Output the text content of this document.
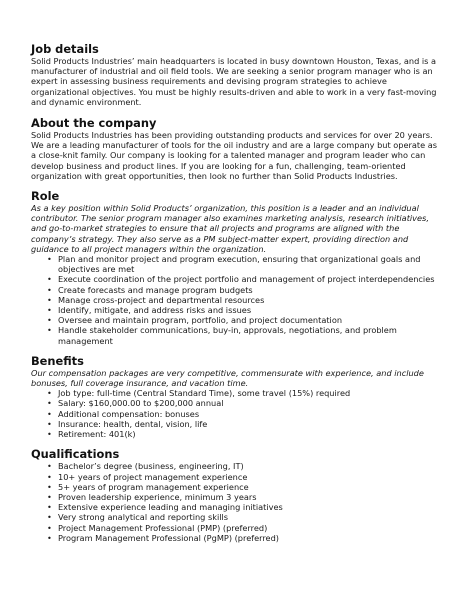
Job details

Solid Products Industries’ main headquarters is located in busy downtown Houston, Texas, and is a manufacturer of industrial and oil field tools. We are seeking a senior program manager who is an expert in assessing business requirements and devising program strategies to achieve organizational objectives. You must be highly results-driven and able to work in a very fast-moving and dynamic environment.

About the company

Solid Products Industries has been providing outstanding products and services for over 20 years. We are a leading manufacturer of tools for the oil industry and are a large company but operate as a close-knit family. Our company is looking for a talented manager and program leader who can develop business and product lines. If you are looking for a fun, challenging, team-oriented organization with great opportunities, then look no further than Solid Products Industries.

Role

As a key position within Solid Products’ organization, this position is a leader and an individual contributor. The senior program manager also examines marketing analysis, research initiatives, and go-to-market strategies to ensure that all projects and programs are aligned with the company’s strategy. They also serve as a PM subject-matter expert, providing direction and guidance to all project managers within the organization.

• Plan and monitor project and program execution, ensuring that organizational goals and objectives are met
• Execute coordination of the project portfolio and management of project interdependencies
• Create forecasts and manage program budgets
• Manage cross-project and departmental resources
• Identify, mitigate, and address risks and issues
• Oversee and maintain program, portfolio, and project documentation
• Handle stakeholder communications, buy-in, approvals, negotiations, and problem management
Benefits

Our compensation packages are very competitive, commensurate with experience, and include bonuses, full coverage insurance, and vacation time.

• Job type: full-time (Central Standard Time), some travel (15%) required
• Salary: $160,000.00 to $200,000 annual
• Additional compensation: bonuses
• Insurance: health, dental, vision, life
• Retirement: 401(k)
Qualifications
• Bachelor’s degree (business, engineering, IT)
• 10+ years of project management experience
• 5+ years of program management experience
• Proven leadership experience, minimum 3 years
• Extensive experience leading and managing initiatives
• Very strong analytical and reporting skills
• Project Management Professional (PMP) (preferred)
• Program Management Professional (PgMP) (preferred)
